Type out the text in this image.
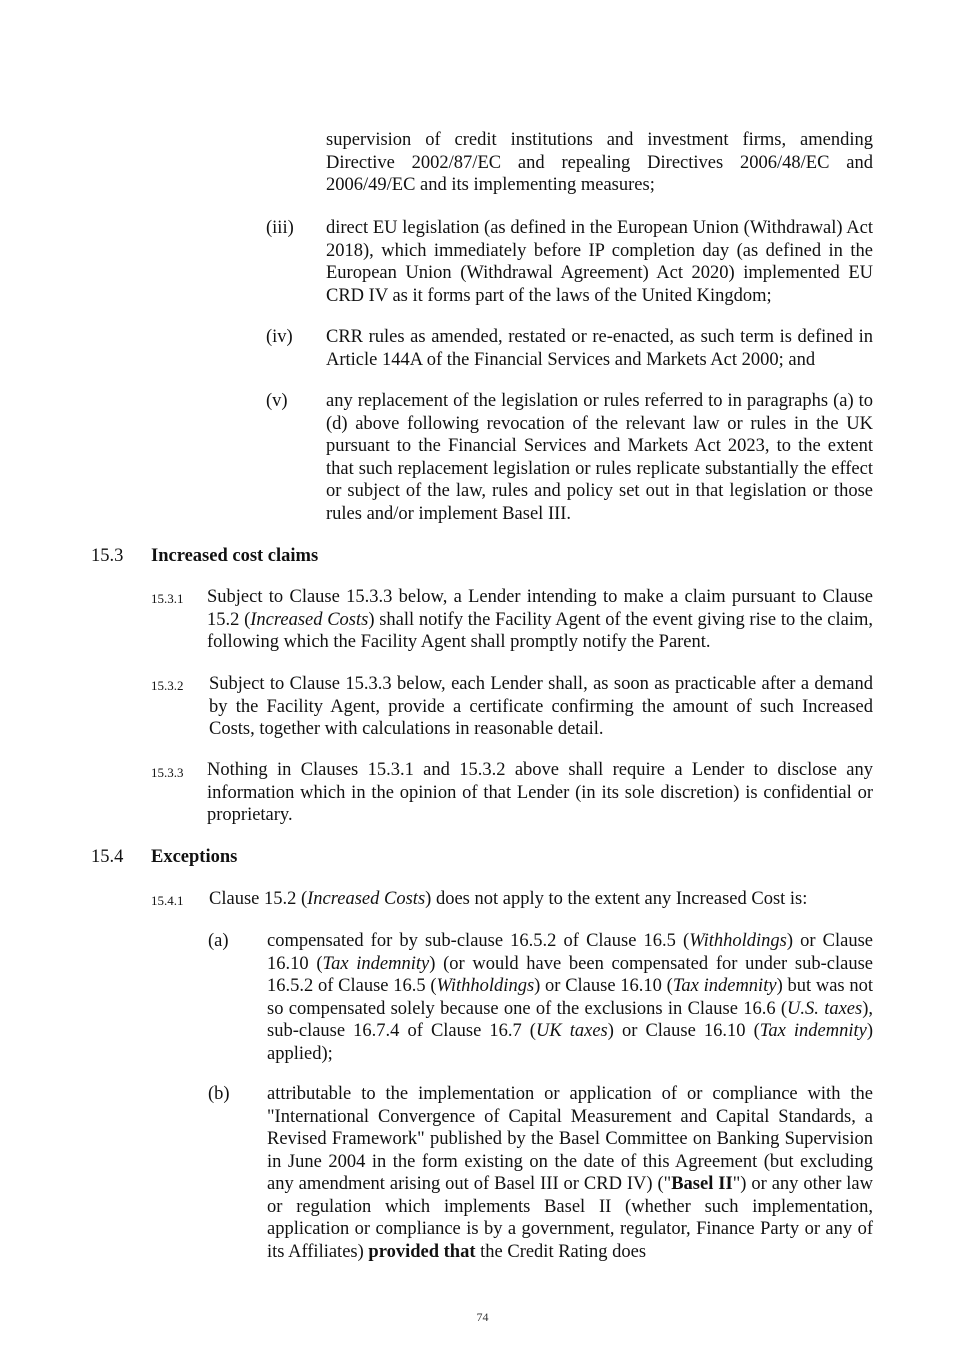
supervision of credit institutions and investment firms, amending Directive 2002/87/EC and repealing Directives 2006/48/EC and 2006/49/EC and its implementing measures;
(iii) direct EU legislation (as defined in the European Union (Withdrawal) Act 2018), which immediately before IP completion day (as defined in the European Union (Withdrawal Agreement) Act 2020) implemented EU CRD IV as it forms part of the laws of the United Kingdom;
(iv) CRR rules as amended, restated or re-enacted, as such term is defined in Article 144A of the Financial Services and Markets Act 2000; and
(v) any replacement of the legislation or rules referred to in paragraphs (a) to (d) above following revocation of the relevant law or rules in the UK pursuant to the Financial Services and Markets Act 2023, to the extent that such replacement legislation or rules replicate substantially the effect or subject of the law, rules and policy set out in that legislation or those rules and/or implement Basel III.
15.3 Increased cost claims
15.3.1 Subject to Clause 15.3.3 below, a Lender intending to make a claim pursuant to Clause 15.2 (Increased Costs) shall notify the Facility Agent of the event giving rise to the claim, following which the Facility Agent shall promptly notify the Parent.
15.3.2 Subject to Clause 15.3.3 below, each Lender shall, as soon as practicable after a demand by the Facility Agent, provide a certificate confirming the amount of such Increased Costs, together with calculations in reasonable detail.
15.3.3 Nothing in Clauses 15.3.1 and 15.3.2 above shall require a Lender to disclose any information which in the opinion of that Lender (in its sole discretion) is confidential or proprietary.
15.4 Exceptions
15.4.1 Clause 15.2 (Increased Costs) does not apply to the extent any Increased Cost is:
(a) compensated for by sub-clause 16.5.2 of Clause 16.5 (Withholdings) or Clause 16.10 (Tax indemnity) (or would have been compensated for under sub-clause 16.5.2 of Clause 16.5 (Withholdings) or Clause 16.10 (Tax indemnity) but was not so compensated solely because one of the exclusions in Clause 16.6 (U.S. taxes), sub-clause 16.7.4 of Clause 16.7 (UK taxes) or Clause 16.10 (Tax indemnity) applied);
(b) attributable to the implementation or application of or compliance with the "International Convergence of Capital Measurement and Capital Standards, a Revised Framework" published by the Basel Committee on Banking Supervision in June 2004 in the form existing on the date of this Agreement (but excluding any amendment arising out of Basel III or CRD IV) ("Basel II") or any other law or regulation which implements Basel II (whether such implementation, application or compliance is by a government, regulator, Finance Party or any of its Affiliates) provided that the Credit Rating does
74
